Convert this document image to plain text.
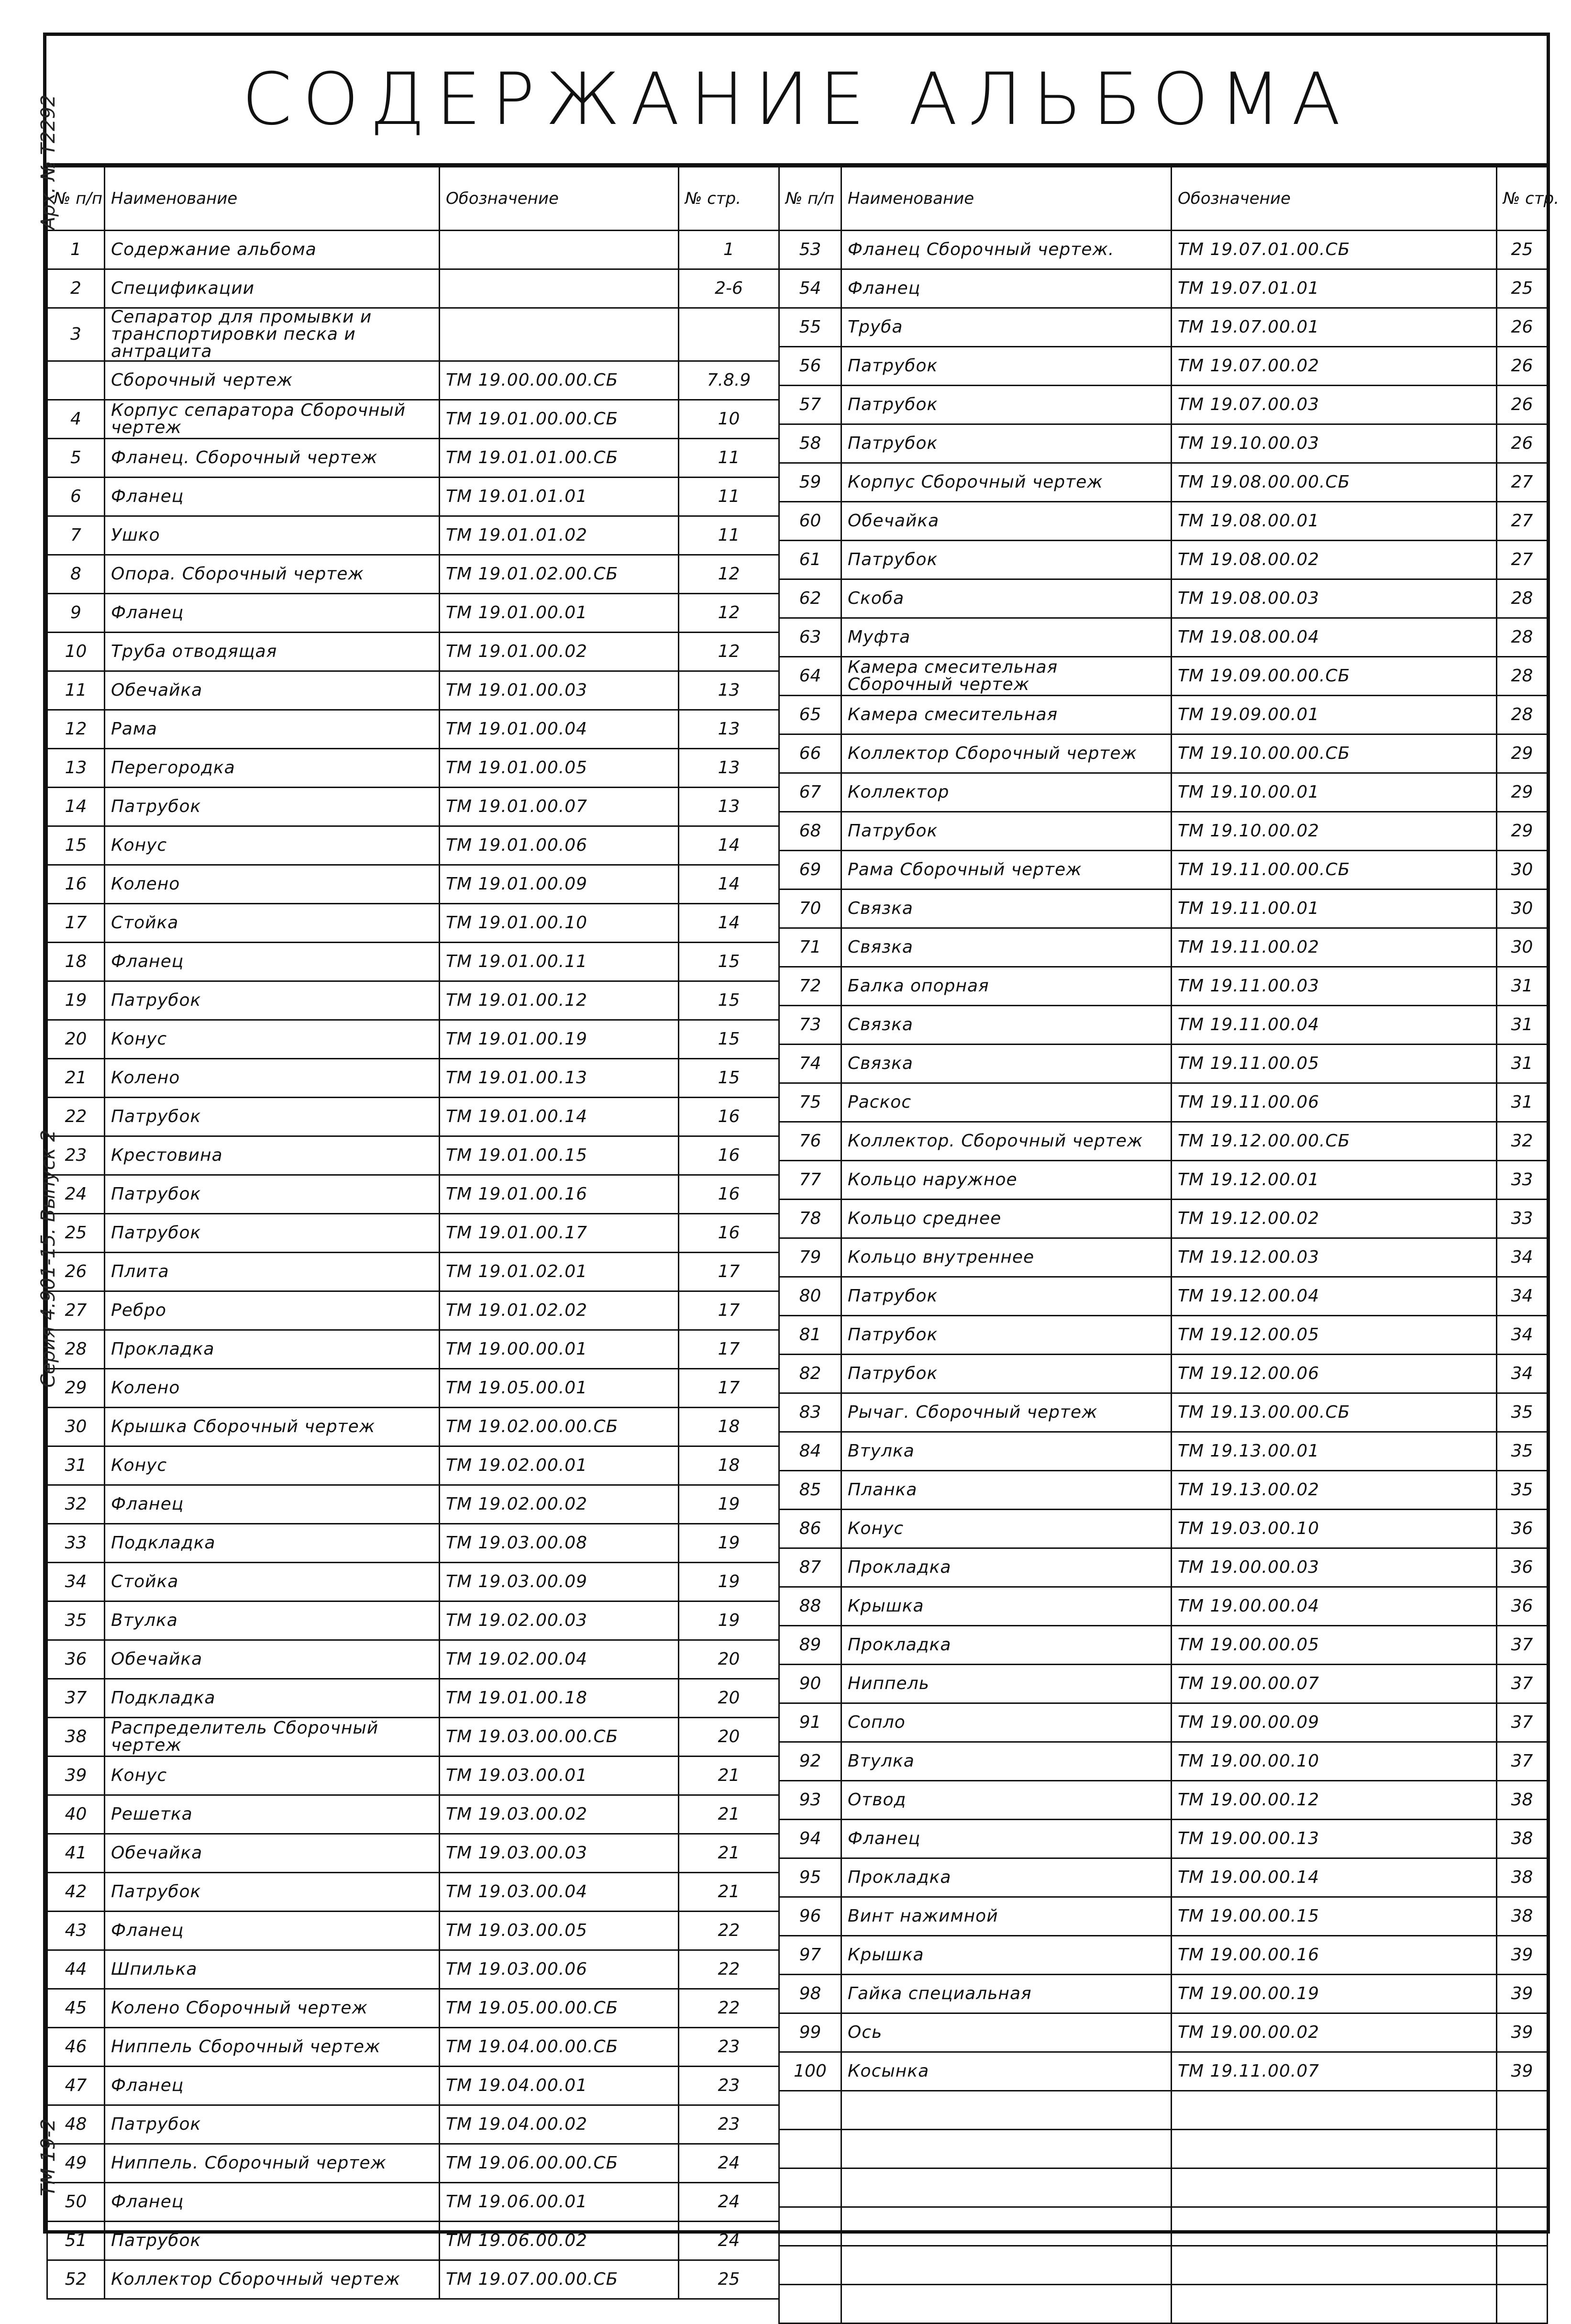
СОДЕРЖАНИЕ АЛЬБОМА
№ п/п	Наименование	Обозначение	№ стр.
1	Содержание альбома		1
2	Спецификации		2-6
3	Сепаратор для промывки и транспортировки песка и антрацита		
	Сборочный чертеж	ТМ 19.00.00.00.СБ	7.8.9
4	Корпус сепаратора Сборочный чертеж	ТМ 19.01.00.00.СБ	10
5	Фланец. Сборочный чертеж	ТМ 19.01.01.00.СБ	11
6	Фланец	ТМ 19.01.01.01	11
7	Ушко	ТМ 19.01.01.02	11
8	Опора. Сборочный чертеж	ТМ 19.01.02.00.СБ	12
9	Фланец	ТМ 19.01.00.01	12
10	Труба отводящая	ТМ 19.01.00.02	12
11	Обечайка	ТМ 19.01.00.03	13
12	Рама	ТМ 19.01.00.04	13
13	Перегородка	ТМ 19.01.00.05	13
14	Патрубок	ТМ 19.01.00.07	13
15	Конус	ТМ 19.01.00.06	14
16	Колено	ТМ 19.01.00.09	14
17	Стойка	ТМ 19.01.00.10	14
18	Фланец	ТМ 19.01.00.11	15
19	Патрубок	ТМ 19.01.00.12	15
20	Конус	ТМ 19.01.00.19	15
21	Колено	ТМ 19.01.00.13	15
22	Патрубок	ТМ 19.01.00.14	16
23	Крестовина	ТМ 19.01.00.15	16
24	Патрубок	ТМ 19.01.00.16	16
25	Патрубок	ТМ 19.01.00.17	16
26	Плита	ТМ 19.01.02.01	17
27	Ребро	ТМ 19.01.02.02	17
28	Прокладка	ТМ 19.00.00.01	17
29	Колено	ТМ 19.05.00.01	17
30	Крышка Сборочный чертеж	ТМ 19.02.00.00.СБ	18
31	Конус	ТМ 19.02.00.01	18
32	Фланец	ТМ 19.02.00.02	19
33	Подкладка	ТМ 19.03.00.08	19
34	Стойка	ТМ 19.03.00.09	19
35	Втулка	ТМ 19.02.00.03	19
36	Обечайка	ТМ 19.02.00.04	20
37	Подкладка	ТМ 19.01.00.18	20
38	Распределитель Сборочный чертеж	ТМ 19.03.00.00.СБ	20
39	Конус	ТМ 19.03.00.01	21
40	Решетка	ТМ 19.03.00.02	21
41	Обечайка	ТМ 19.03.00.03	21
42	Патрубок	ТМ 19.03.00.04	21
43	Фланец	ТМ 19.03.00.05	22
44	Шпилька	ТМ 19.03.00.06	22
45	Колено Сборочный чертеж	ТМ 19.05.00.00.СБ	22
46	Ниппель Сборочный чертеж	ТМ 19.04.00.00.СБ	23
47	Фланец	ТМ 19.04.00.01	23
48	Патрубок	ТМ 19.04.00.02	23
49	Ниппель. Сборочный чертеж	ТМ 19.06.00.00.СБ	24
50	Фланец	ТМ 19.06.00.01	24
51	Патрубок	ТМ 19.06.00.02	24
52	Коллектор Сборочный чертеж	ТМ 19.07.00.00.СБ	25
№ п/п	Наименование	Обозначение	№ стр.
53	Фланец Сборочный чертеж.	ТМ 19.07.01.00.СБ	25
54	Фланец	ТМ 19.07.01.01	25
55	Труба	ТМ 19.07.00.01	26
56	Патрубок	ТМ 19.07.00.02	26
57	Патрубок	ТМ 19.07.00.03	26
58	Патрубок	ТМ 19.10.00.03	26
59	Корпус Сборочный чертеж	ТМ 19.08.00.00.СБ	27
60	Обечайка	ТМ 19.08.00.01	27
61	Патрубок	ТМ 19.08.00.02	27
62	Скоба	ТМ 19.08.00.03	28
63	Муфта	ТМ 19.08.00.04	28
64	Камера смесительная Сборочный чертеж	ТМ 19.09.00.00.СБ	28
65	Камера смесительная	ТМ 19.09.00.01	28
66	Коллектор Сборочный чертеж	ТМ 19.10.00.00.СБ	29
67	Коллектор	ТМ 19.10.00.01	29
68	Патрубок	ТМ 19.10.00.02	29
69	Рама Сборочный чертеж	ТМ 19.11.00.00.СБ	30
70	Связка	ТМ 19.11.00.01	30
71	Связка	ТМ 19.11.00.02	30
72	Балка опорная	ТМ 19.11.00.03	31
73	Связка	ТМ 19.11.00.04	31
74	Связка	ТМ 19.11.00.05	31
75	Раскос	ТМ 19.11.00.06	31
76	Коллектор. Сборочный чертеж	ТМ 19.12.00.00.СБ	32
77	Кольцо наружное	ТМ 19.12.00.01	33
78	Кольцо среднее	ТМ 19.12.00.02	33
79	Кольцо внутреннее	ТМ 19.12.00.03	34
80	Патрубок	ТМ 19.12.00.04	34
81	Патрубок	ТМ 19.12.00.05	34
82	Патрубок	ТМ 19.12.00.06	34
83	Рычаг. Сборочный чертеж	ТМ 19.13.00.00.СБ	35
84	Втулка	ТМ 19.13.00.01	35
85	Планка	ТМ 19.13.00.02	35
86	Конус	ТМ 19.03.00.10	36
87	Прокладка	ТМ 19.00.00.03	36
88	Крышка	ТМ 19.00.00.04	36
89	Прокладка	ТМ 19.00.00.05	37
90	Ниппель	ТМ 19.00.00.07	37
91	Сопло	ТМ 19.00.00.09	37
92	Втулка	ТМ 19.00.00.10	37
93	Отвод	ТМ 19.00.00.12	38
94	Фланец	ТМ 19.00.00.13	38
95	Прокладка	ТМ 19.00.00.14	38
96	Винт нажимной	ТМ 19.00.00.15	38
97	Крышка	ТМ 19.00.00.16	39
98	Гайка специальная	ТМ 19.00.00.19	39
99	Ось	ТМ 19.00.00.02	39
100	Косынка	ТМ 19.11.00.07	39

Арх. № Т2292
Серия 4.901-15. Выпуск 2
ТМ 19-2
